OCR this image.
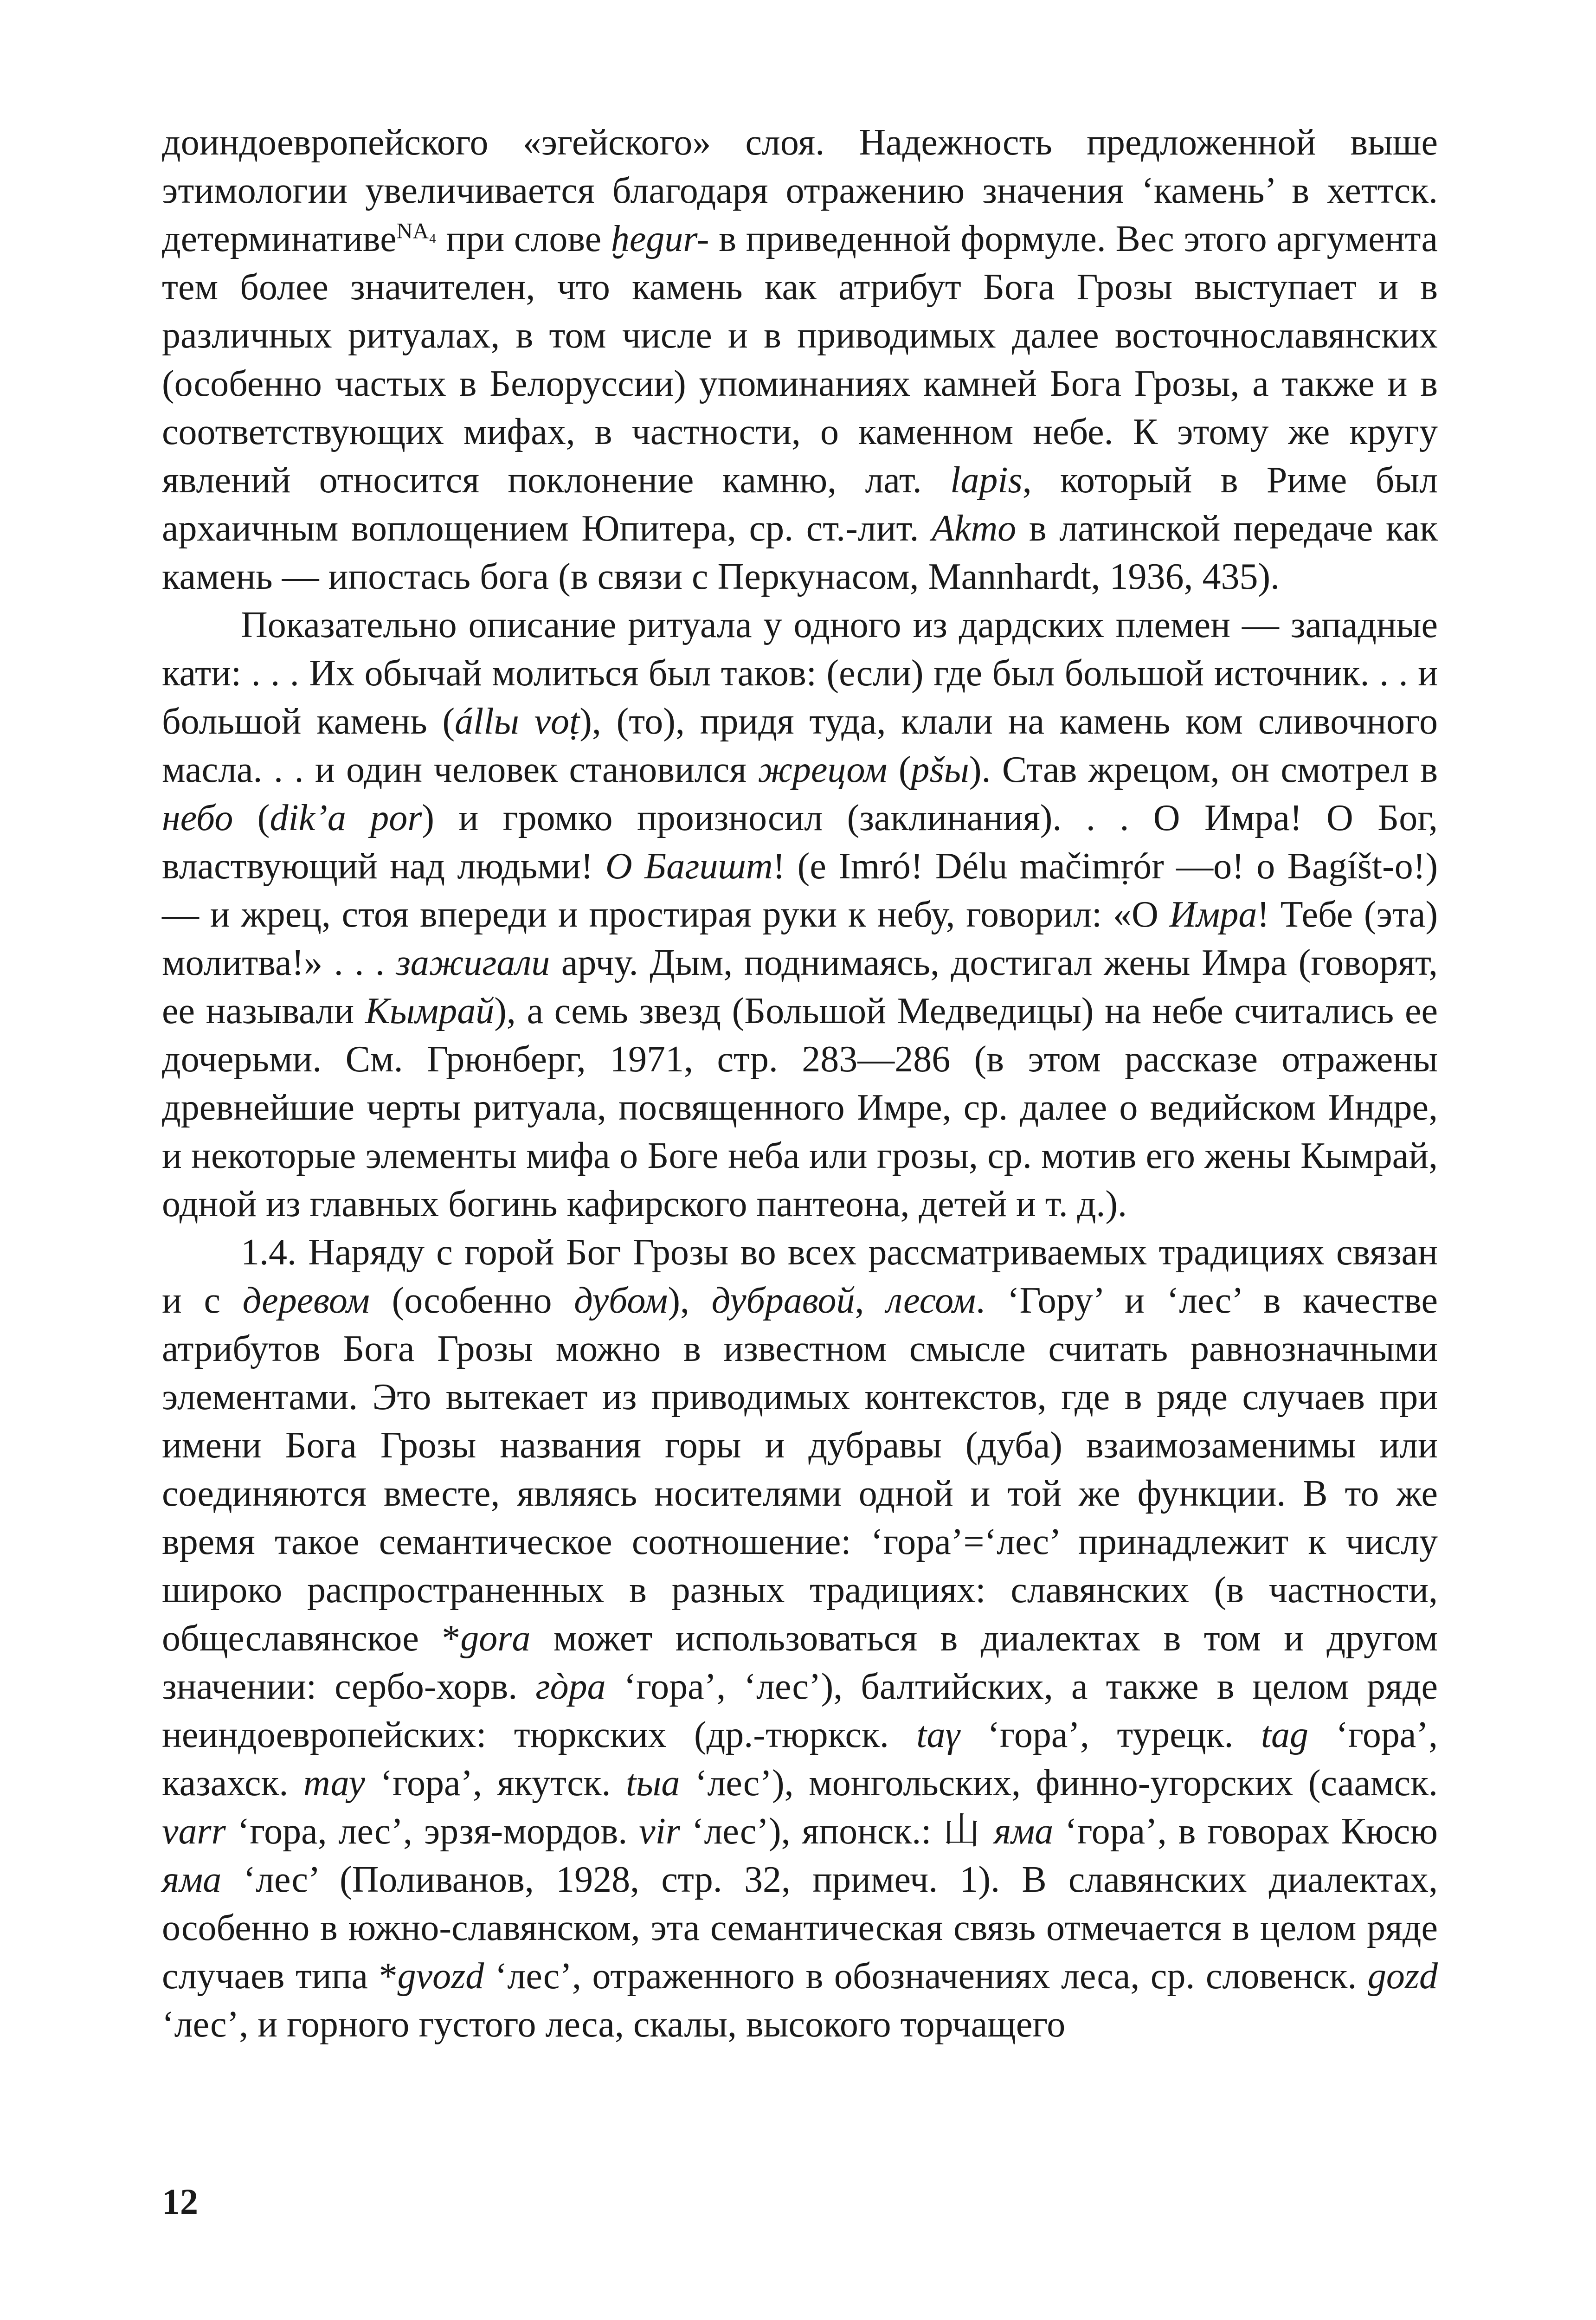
доиндоевропейского «эгейского» слоя. Надежность предложенной выше этимологии увеличивается благодаря отражению значения ‘камень’ в хеттск. детерминативе$^{NA_4}$ при слове ḫegur- в приведенной формуле. Вес этого аргумента тем более значителен, что камень как атрибут Бога Грозы выступает и в различных ритуалах, в том числе и в приводимых далее восточнославянских (особенно частых в Белоруссии) упоминаниях камней Бога Грозы, а также и в соответствующих мифах, в частности, о каменном небе. К этому же кругу явлений относится поклонение камню, лат. lapis, который в Риме был архаичным воплощением Юпитера, ср. ст.-лит. Akmo в латинской передаче как камень — ипостась бога (в связи с Перкунасом, Mannhardt, 1936, 435).

Показательно описание ритуала у одного из дардских племен — западные кати: . . . Их обычай молиться был таков: (если) где был большой источник. . . и большой камень (állы voṭ), (то), придя туда, клали на камень ком сливочного масла. . . и один человек становился жрецом (pšы). Став жрецом, он смотрел в небо (dik’a por) и громко произносил (заклинания). . . О Имра! О Бог, властвующий над людьми! О Багишт! (e Imró! Délu mačimṛór —o! o Bagíšt-o!) — и жрец, стоя впереди и простирая руки к небу, говорил: «О Имра! Тебе (эта) молитва!» . . . зажигали арчу. Дым, поднимаясь, достигал жены Имра (говорят, ее называли Кымрай), а семь звезд (Большой Медведицы) на небе считались ее дочерьми. См. Грюнберг, 1971, стр. 283—286 (в этом рассказе отражены древнейшие черты ритуала, посвященного Имре, ср. далее о ведийском Индре, и некоторые элементы мифа о Боге неба или грозы, ср. мотив его жены Кымрай, одной из главных богинь кафирского пантеона, детей и т. д.).

1.4. Наряду с горой Бог Грозы во всех рассматриваемых традициях связан и с деревом (особенно дубом), дубравой, лесом. ‘Гору’ и ‘лес’ в качестве атрибутов Бога Грозы можно в известном смысле считать равнозначными элементами. Это вытекает из приводимых контекстов, где в ряде случаев при имени Бога Грозы названия горы и дубравы (дуба) взаимозаменимы или соединяются вместе, являясь носителями одной и той же функции. В то же время такое семантическое соотношение: ‘гора’=‘лес’ принадлежит к числу широко распространенных в разных традициях: славянских (в частности, общеславянское *gora может использоваться в диалектах в том и другом значении: сербо-хорв. гòра ‘гора’, ‘лес’), балтийских, а также в целом ряде неиндоевропейских: тюркских (др.-тюркск. taγ ‘гора’, турецк. tag ‘гора’, казахск. тау ‘гора’, якутск. tыа ‘лес’), монгольских, финно-угорских (саамск. varr ‘гора, лес’, эрзя-мордов. vir ‘лес’), японск.: 山 яма ‘гора’, в говорах Кюсю яма ‘лес’ (Поливанов, 1928, стр. 32, примеч. 1). В славянских диалектах, особенно в южно-славянском, эта семантическая связь отмечается в целом ряде случаев типа *gvozd ‘лес’, отраженного в обозначениях леса, ср. словенск. gozd ‘лес’, и горного густого леса, скалы, высокого торчащего

12
